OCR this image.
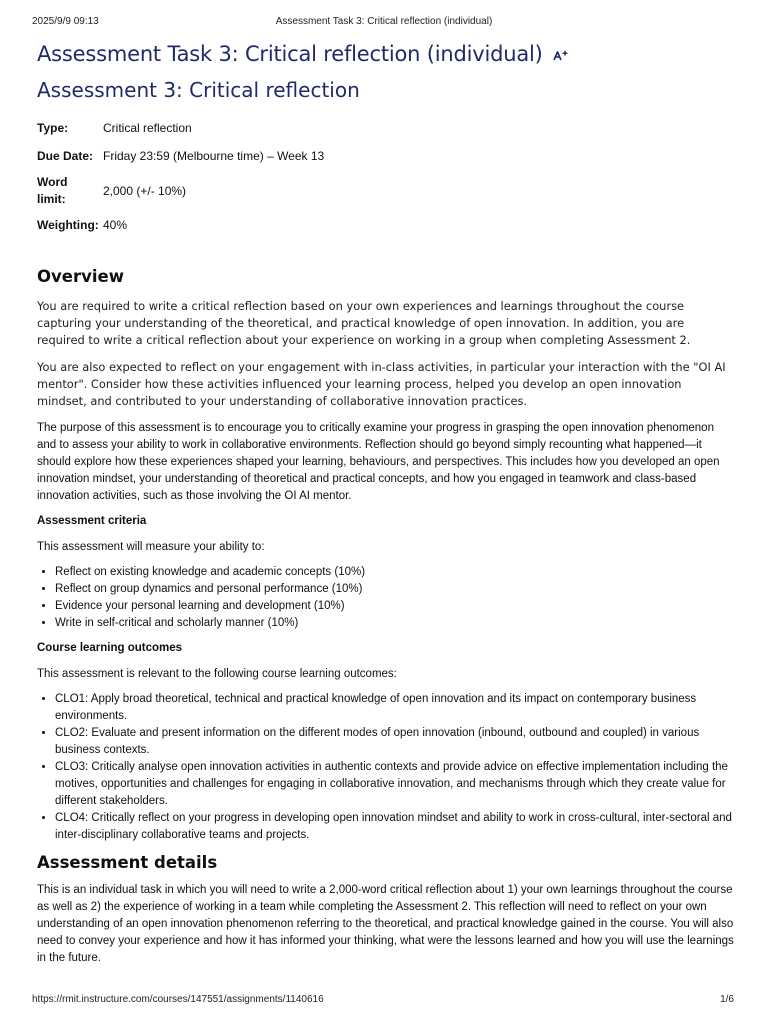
2025/9/9 09:13	Assessment Task 3: Critical reflection (individual)
Assessment Task 3: Critical reflection (individual)
Assessment 3: Critical reflection
Type:	Critical reflection
Due Date:	Friday 23:59 (Melbourne time) – Week 13
Word
limit:	2,000 (+/- 10%)
Weighting:	40%
Overview

You are required to write a critical reflection based on your own experiences and learnings throughout the course capturing your understanding of the theoretical, and practical knowledge of open innovation. In addition, you are required to write a critical reflection about your experience on working in a group when completing Assessment 2.

You are also expected to reflect on your engagement with in-class activities, in particular your interaction with the "OI AI mentor". Consider how these activities influenced your learning process, helped you develop an open innovation mindset, and contributed to your understanding of collaborative innovation practices.

The purpose of this assessment is to encourage you to critically examine your progress in grasping the open innovation phenomenon and to assess your ability to work in collaborative environments. Reflection should go beyond simply recounting what happened—it should explore how these experiences shaped your learning, behaviours, and perspectives. This includes how you developed an open innovation mindset, your understanding of theoretical and practical concepts, and how you engaged in teamwork and class-based innovation activities, such as those involving the OI AI mentor.

Assessment criteria

This assessment will measure your ability to:

• Reflect on existing knowledge and academic concepts (10%)
• Reflect on group dynamics and personal performance (10%)
• Evidence your personal learning and development (10%)
• Write in self-critical and scholarly manner (10%)

Course learning outcomes

This assessment is relevant to the following course learning outcomes:

• CLO1: Apply broad theoretical, technical and practical knowledge of open innovation and its impact on contemporary business environments.
• CLO2: Evaluate and present information on the different modes of open innovation (inbound, outbound and coupled) in various business contexts.
• CLO3: Critically analyse open innovation activities in authentic contexts and provide advice on effective implementation including the motives, opportunities and challenges for engaging in collaborative innovation, and mechanisms through which they create value for different stakeholders.
• CLO4: Critically reflect on your progress in developing open innovation mindset and ability to work in cross-cultural, inter-sectoral and inter-disciplinary collaborative teams and projects.
Assessment details

This is an individual task in which you will need to write a 2,000-word critical reflection about 1) your own learnings throughout the course as well as 2) the experience of working in a team while completing the Assessment 2. This reflection will need to reflect on your own understanding of an open innovation phenomenon referring to the theoretical, and practical knowledge gained in the course. You will also need to convey your experience and how it has informed your thinking, what were the lessons learned and how you will use the learnings in the future.

https://rmit.instructure.com/courses/147551/assignments/1140616	1/6
